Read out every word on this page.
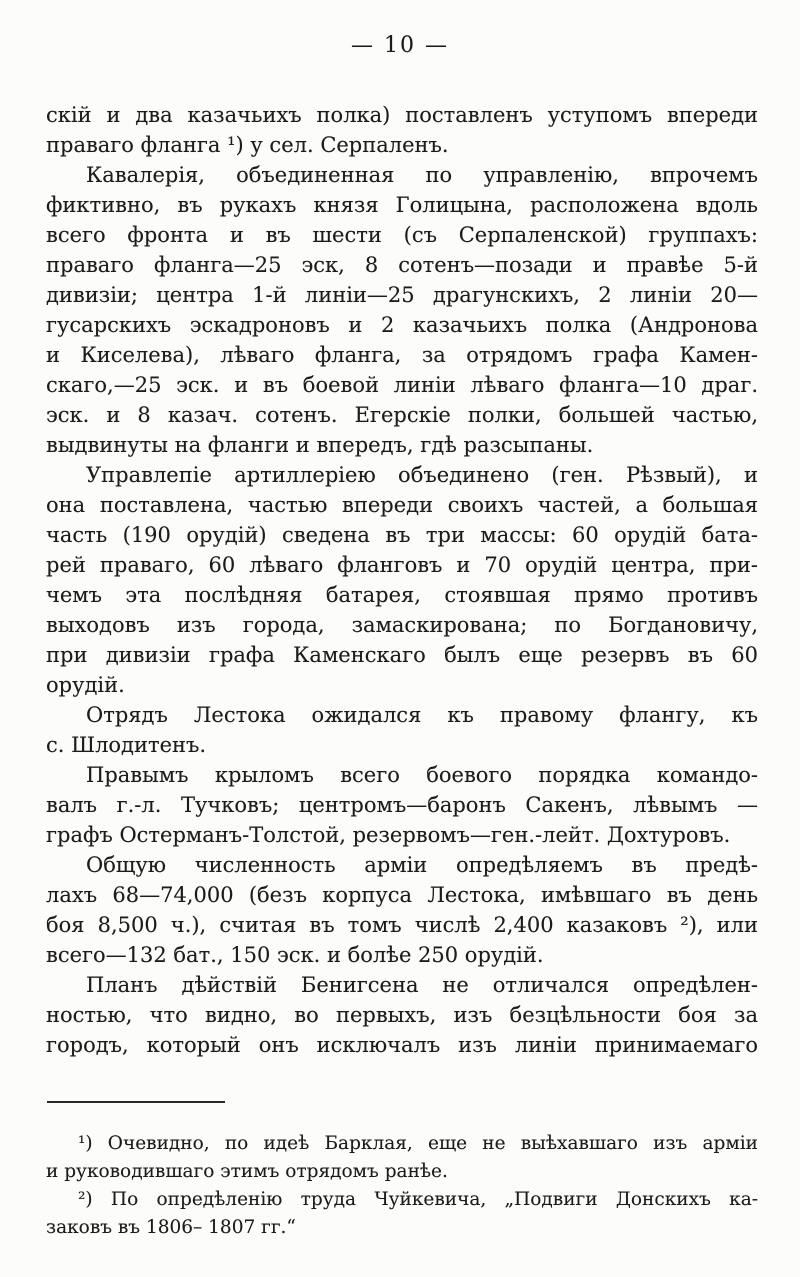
— 10 —
скій и два казачьихъ полка) поставленъ уступомъ впереди
праваго фланга ¹) у сел. Серпаленъ.
Кавалерія, объединенная по управленію, впрочемъ
фиктивно, въ рукахъ князя Голицына, расположена вдоль
всего фронта и въ шести (съ Серпаленской) группахъ:
праваго фланга—25 эск, 8 сотенъ—позади и правѣе 5-й
дивизіи; центра 1-й линіи—25 драгунскихъ, 2 линіи 20—
гусарскихъ эскадроновъ и 2 казачьихъ полка (Андронова
и Киселева), лѣваго фланга, за отрядомъ графа Камен-
скаго,—25 эск. и въ боевой линіи лѣваго фланга—10 драг.
эск. и 8 казач. сотенъ. Егерскіе полки, большей частью,
выдвинуты на фланги и впередъ, гдѣ разсыпаны.
Управлепіе артиллеріею объединено (ген. Рѣзвый), и
она поставлена, частью впереди своихъ частей, а большая
часть (190 орудій) сведена въ три массы: 60 орудій бата-
рей праваго, 60 лѣваго фланговъ и 70 орудій центра, при-
чемъ эта послѣдняя батарея, стоявшая прямо противъ
выходовъ изъ города, замаскирована; по Богдановичу,
при дивизіи графа Каменскаго былъ еще резервъ въ 60
орудій.
Отрядъ Лестока ожидался къ правому флангу, къ
с. Шлодитенъ.
Правымъ крыломъ всего боевого порядка командо-
валъ г.-л. Тучковъ; центромъ—баронъ Сакенъ, лѣвымъ —
графъ Остерманъ-Толстой, резервомъ—ген.-лейт. Дохтуровъ.
Общую численность арміи опредѣляемъ въ предѣ-
лахъ 68—74,000 (безъ корпуса Лестока, имѣвшаго въ день
боя 8,500 ч.), считая въ томъ числѣ 2,400 казаковъ ²), или
всего—132 бат., 150 эск. и болѣе 250 орудій.
Планъ дѣйствій Бенигсена не отличался опредѣлен-
ностью, что видно, во первыхъ, изъ безцѣльности боя за
городъ, который онъ исключалъ изъ линіи принимаемаго
¹) Очевидно, по идеѣ Барклая, еще не выѣхавшаго изъ арміи
и руководившаго этимъ отрядомъ ранѣе.
²) По опредѣленію труда Чуйкевича, „Подвиги Донскихъ ка-
заковъ въ 1806– 1807 гг.“
